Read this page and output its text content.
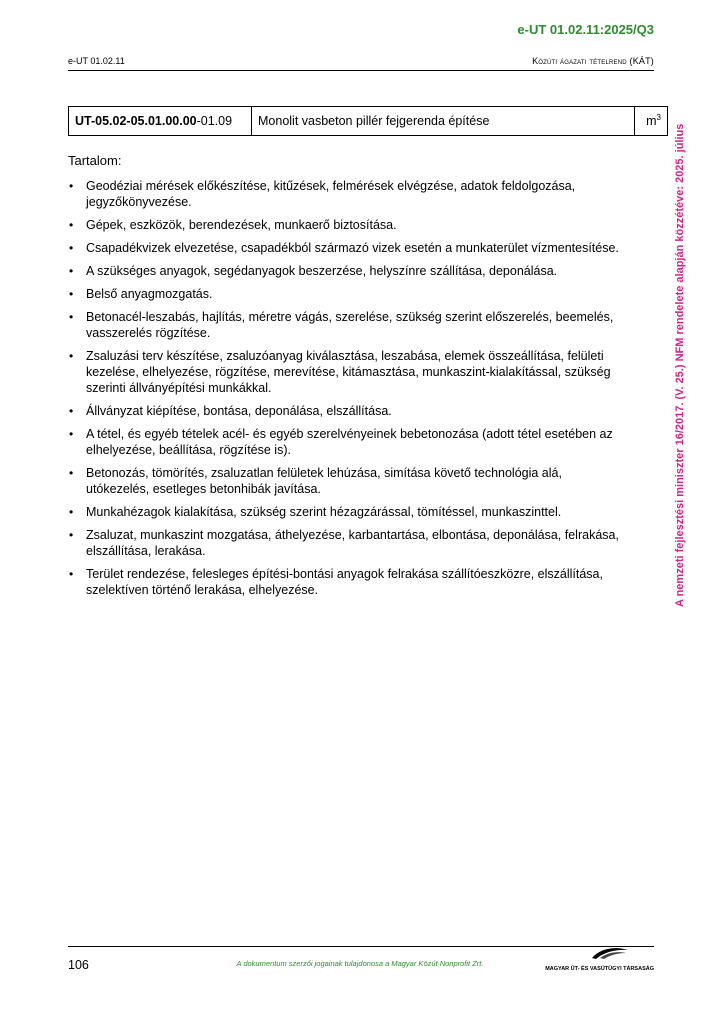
e-UT 01.02.11:2025/Q3
e-UT 01.02.11	Közúti ágazati tételrend (KÁT)
UT-05.02-05.01.00.00-01.09	Monolit vasbeton pillér fejgerenda építése	$m^3$
Tartalom:
• Geodéziai mérések előkészítése, kitűzések, felmérések elvégzése, adatok feldolgozása, jegyzőkönyvezése.
• Gépek, eszközök, berendezések, munkaerő biztosítása.
• Csapadékvizek elvezetése, csapadékból származó vizek esetén a munkaterület vízmentesítése.
• A szükséges anyagok, segédanyagok beszerzése, helyszínre szállítása, deponálása.
• Belső anyagmozgatás.
• Betonacél-leszabás, hajlítás, méretre vágás, szerelése, szükség szerint előszerelés, beemelés, vasszerelés rögzítése.
• Zsaluzási terv készítése, zsaluzóanyag kiválasztása, leszabása, elemek összeállítása, felületi kezelése, elhelyezése, rögzítése, merevítése, kitámasztása, munkaszint-kialakítással, szükség szerinti állványépítési munkákkal.
• Állványzat kiépítése, bontása, deponálása, elszállítása.
• A tétel, és egyéb tételek acél- és egyéb szerelvényeinek bebetonozása (adott tétel esetében az elhelyezése, beállítása, rögzítése is).
• Betonozás, tömörítés, zsaluzatlan felületek lehúzása, simítása követő technológia alá, utókezelés, esetleges betonhibák javítása.
• Munkahézagok kialakítása, szükség szerint hézagzárással, tömítéssel, munkaszinttel.
• Zsaluzat, munkaszint mozgatása, áthelyezése, karbantartása, elbontása, deponálása, felrakása, elszállítása, lerakása.
• Terület rendezése, felesleges építési-bontási anyagok felrakása szállítóeszközre, elszállítása, szelektíven történő lerakása, elhelyezése.	A nemzeti fejlesztési miniszter 16/2017. (V. 25.) NFM rendelete alapján közzétéve: 2025. július
106	A dokumentum szerzői jogainak tulajdonosa a Magyar Közút Nonprofit Zrt.
MAGYAR ÚT- ÉS VASÚTÜGYI TÁRSASÁG
